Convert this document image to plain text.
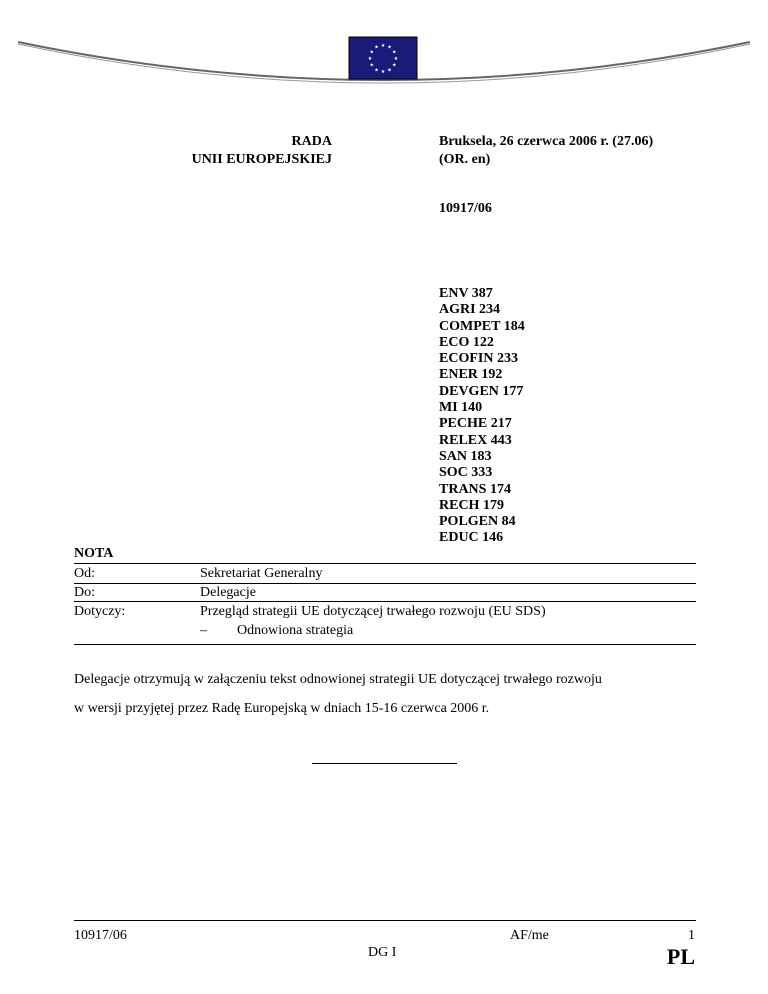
★ ★
★
★
★
★
★
★
★
★
★
★
RADA
UNII EUROPEJSKIEJ
Bruksela, 26 czerwca 2006 r. (27.06)
(OR. en)
10917/06
ENV 387
AGRI 234
COMPET 184
ECO 122
ECOFIN 233
ENER 192
DEVGEN 177
MI 140
PECHE 217
RELEX 443
SAN 183
SOC 333
TRANS 174
RECH 179
POLGEN 84
EDUC 146
NOTA
Od:	Sekretariat Generalny
Do:	Delegacje
Dotyczy:	Przegląd strategii UE dotyczącej trwałego rozwoju (EU SDS)
– Odnowiona strategia
Delegacje otrzymują w załączeniu tekst odnowionej strategii UE dotyczącej trwałego rozwoju
w wersji przyjętej przez Radę Europejską w dniach 15-16 czerwca 2006 r.
10917/06	AF/me	1
DG I	PL
